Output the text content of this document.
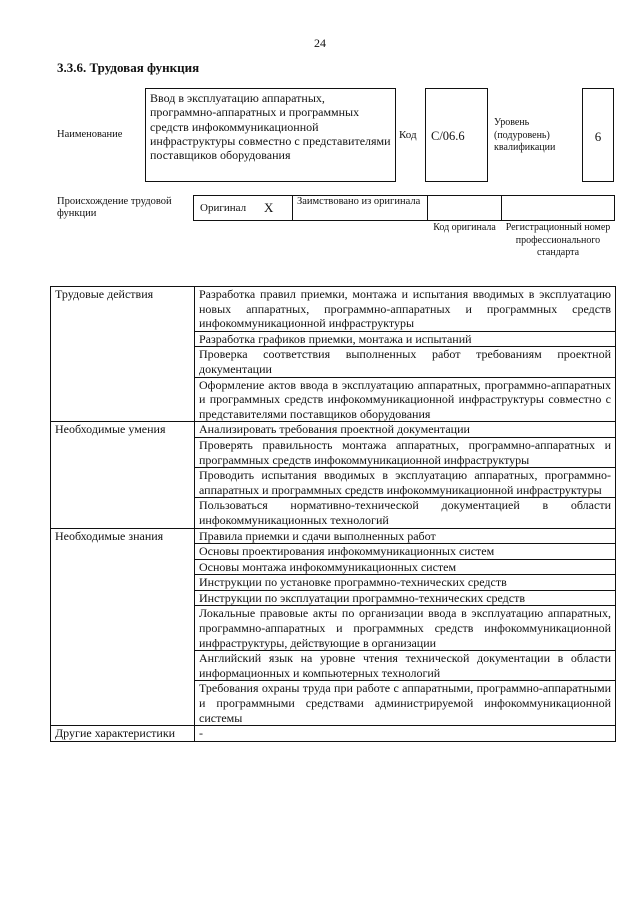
24
3.3.6. Трудовая функция
Наименование
Ввод в эксплуатацию аппаратных, программно-аппаратных и программных средств инфокоммуникационной инфраструктуры совместно с представителями поставщиков оборудования
Код C/06.6
Уровень (подуровень) квалификации
6
Происхождение трудовой функции	Оригинал X	Заимствовано из оригинала
Код оригинала Регистрационный номер профессионального стандарта
Трудовые действия	Разработка правил приемки, монтажа и испытания вводимых в эксплуатацию новых аппаратных, программно-аппаратных и программных средств инфокоммуникационной инфраструктуры
	Разработка графиков приемки, монтажа и испытаний
	Проверка соответствия выполненных работ требованиям проектной документации
	Оформление актов ввода в эксплуатацию аппаратных, программно-аппаратных и программных средств инфокоммуникационной инфраструктуры совместно с представителями поставщиков оборудования
Необходимые умения	Анализировать требования проектной документации
	Проверять правильность монтажа аппаратных, программно-аппаратных и программных средств инфокоммуникационной инфраструктуры
	Проводить испытания вводимых в эксплуатацию аппаратных, программно-аппаратных и программных средств инфокоммуникационной инфраструктуры
	Пользоваться нормативно-технической документацией в области инфокоммуникационных технологий
Необходимые знания	Правила приемки и сдачи выполненных работ
	Основы проектирования инфокоммуникационных систем
	Основы монтажа инфокоммуникационных систем
	Инструкции по установке программно-технических средств
	Инструкции по эксплуатации программно-технических средств
	Локальные правовые акты по организации ввода в эксплуатацию аппаратных, программно-аппаратных и программных средств инфокоммуникационной инфраструктуры, действующие в организации
	Английский язык на уровне чтения технической документации в области информационных и компьютерных технологий
	Требования охраны труда при работе с аппаратными, программно-аппаратными и программными средствами администрируемой инфокоммуникационной системы
Другие характеристики	-
